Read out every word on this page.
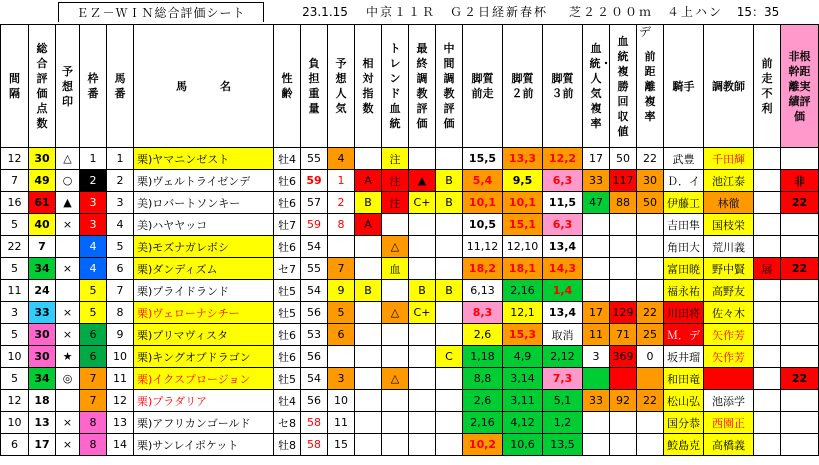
ＥＺ－ＷＩＮ総合評価シート	23.1.15	中京１１Ｒ　Ｇ２日経新春杯	芝２２００ｍ　４上ハンデ
15：35
間隔	総合評価点数	予想印	枠番	馬番	馬　　　名	性齢	負担重量	予想人気	相対指数	トレンド血統	最終調教評価	中間調教評価	脚質前走	脚質２前	脚質３前	血統・人気複率	血統複勝回収値	前距離複率	騎手	調教師	前走不利	非根幹距離実績評価
12	30	△	1	1	栗)ヤマニンゼスト	牡4	55	4		注			15,5	13,3	12,2	17	50	22	武豊	千田輝		
7	49	○	2	2	栗)ヴェルトライゼンデ	牡6	59	1	A	注	▲	B	5,4	9,5	6,3	33	117	30	Ｄ．イ	池江泰		非
16	61	▲	3	3	美)ロバートソンキー	牡6	57	2	B	注	C+	B	10,1	10,1	11,5	47	88	50	伊藤工	林徹		22
5	40	×	3	4	美)ハヤヤッコ	牡7	59	8	A				10,5	15,1	6,3				吉田隼	国枝栄		
22	7		4	5	美)モズナガレボシ	牡6	54			△			11,12	12,10	13,4				角田大	荒川義		
5	34	×	4	6	栗)ダンディズム	セ7	55	7		血			18,2	18,1	14,3				富田暁	野中賢	展	22
11	24		5	7	栗)プライドランド	牡5	54	9	B		B	B	6,13	2,16	1,4				福永祐	高野友		
3	33	×	5	8	栗)ヴェローナシチー	牡5	56	5		△	C+		8,3	12,1	13,4	17	129	22	川田将	佐々木		
5	30	×	6	9	栗)プリマヴィスタ	牡6	53	6					2,6	15,3	取消	11	71	25	Ｍ．デ	矢作芳		
10	30	★	6	10	栗)キングオブドラゴン	牡6	56					C	1,18	4,9	2,12	3	369	0	坂井瑠	矢作芳		
5	34	◎	7	11	栗)イクスプロージョン	牡5	54	3		△			8,8	3,14	7,3				和田竜	杉山晴		22
12	18		7	12	栗)プラダリア	牡4	56	10					2,6	3,11	5,1	33	92	22	松山弘	池添学		
10	13	×	8	13	栗)アフリカンゴールド	セ8	58	11					2,16	4,12	1,2				国分恭	西園正		
6	17	×	8	14	栗)サンレイポケット	牡8	58	15					10,2	10,6	13,5				鮫島克	高橋義		
